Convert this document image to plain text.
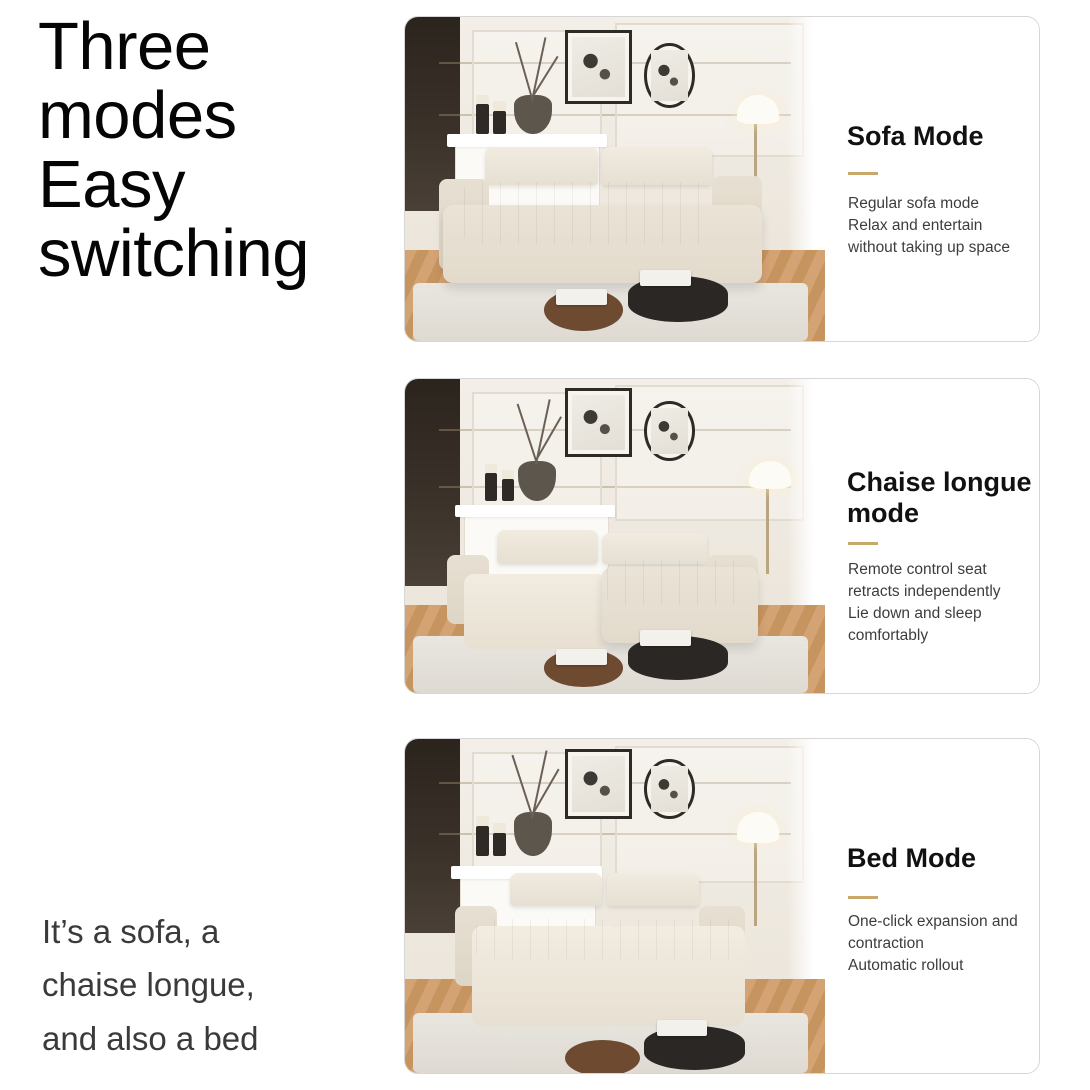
Three
modes
Easy
switching
It’s a sofa, a
chaise longue,
and also a bed
Sofa Mode
Regular sofa mode
Relax and entertain
without taking up space
Chaise longue mode
Remote control seat
retracts independently
Lie down and sleep
comfortably
Bed Mode
One-click expansion and
contraction
Automatic rollout
